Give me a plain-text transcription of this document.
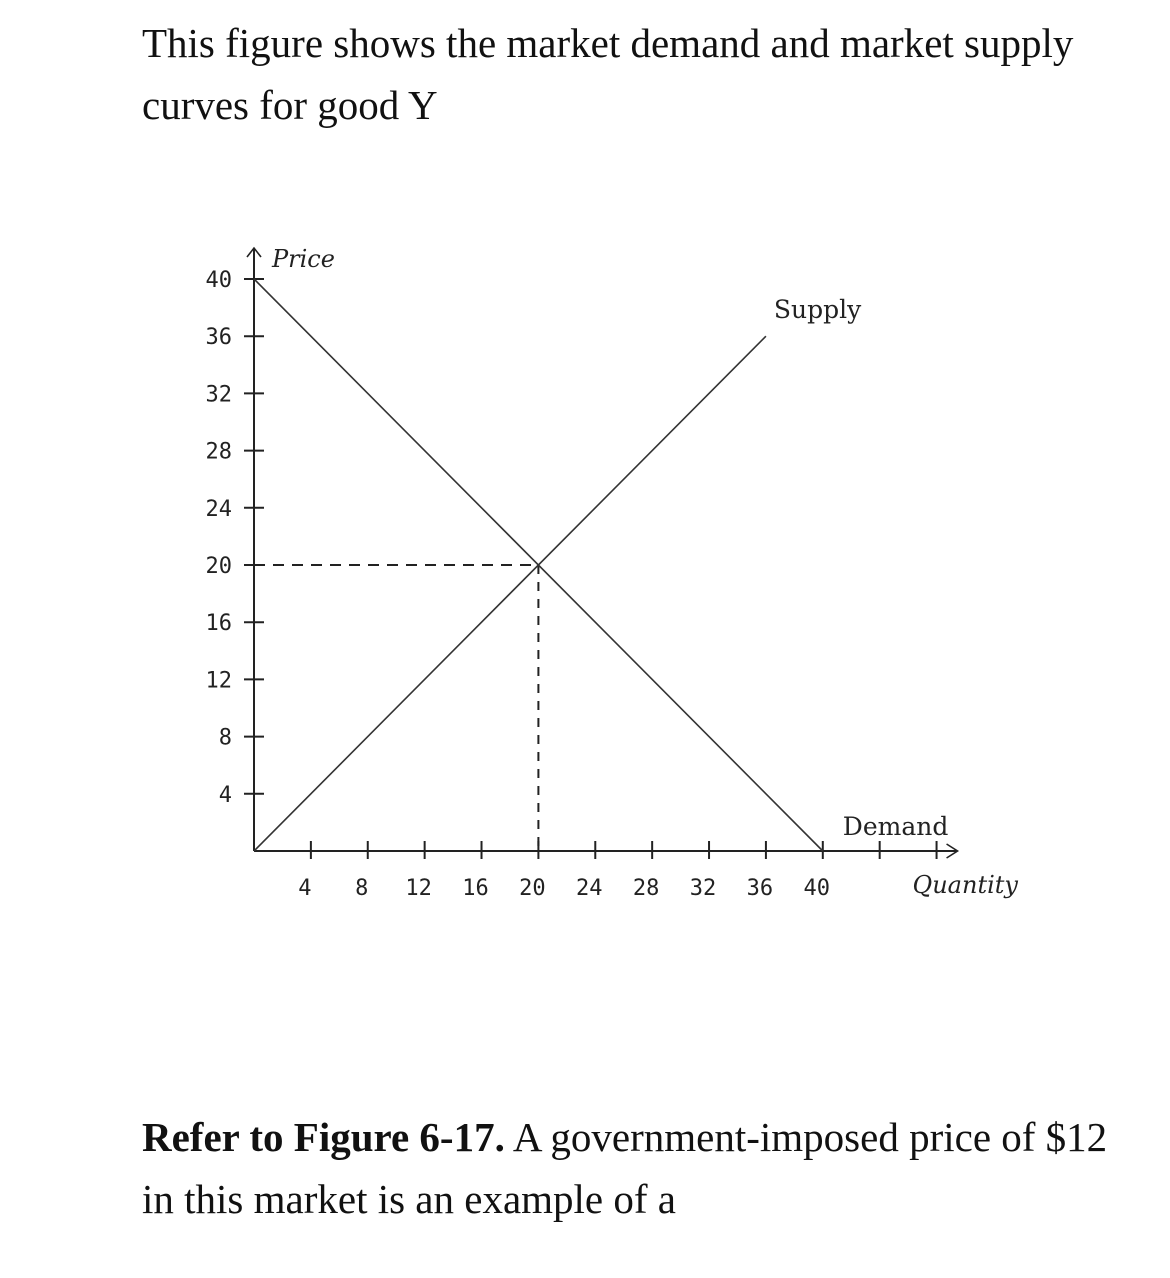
This figure shows the market demand and market supply curves for good Y

4
8
12
16
20
24
28
32
36
40
4 8 12 16 20 24 28 32 36 40
Price
Quantity
Supply
Demand

Refer to Figure 6-17. A government-imposed price of $12 in this market is an example of a
